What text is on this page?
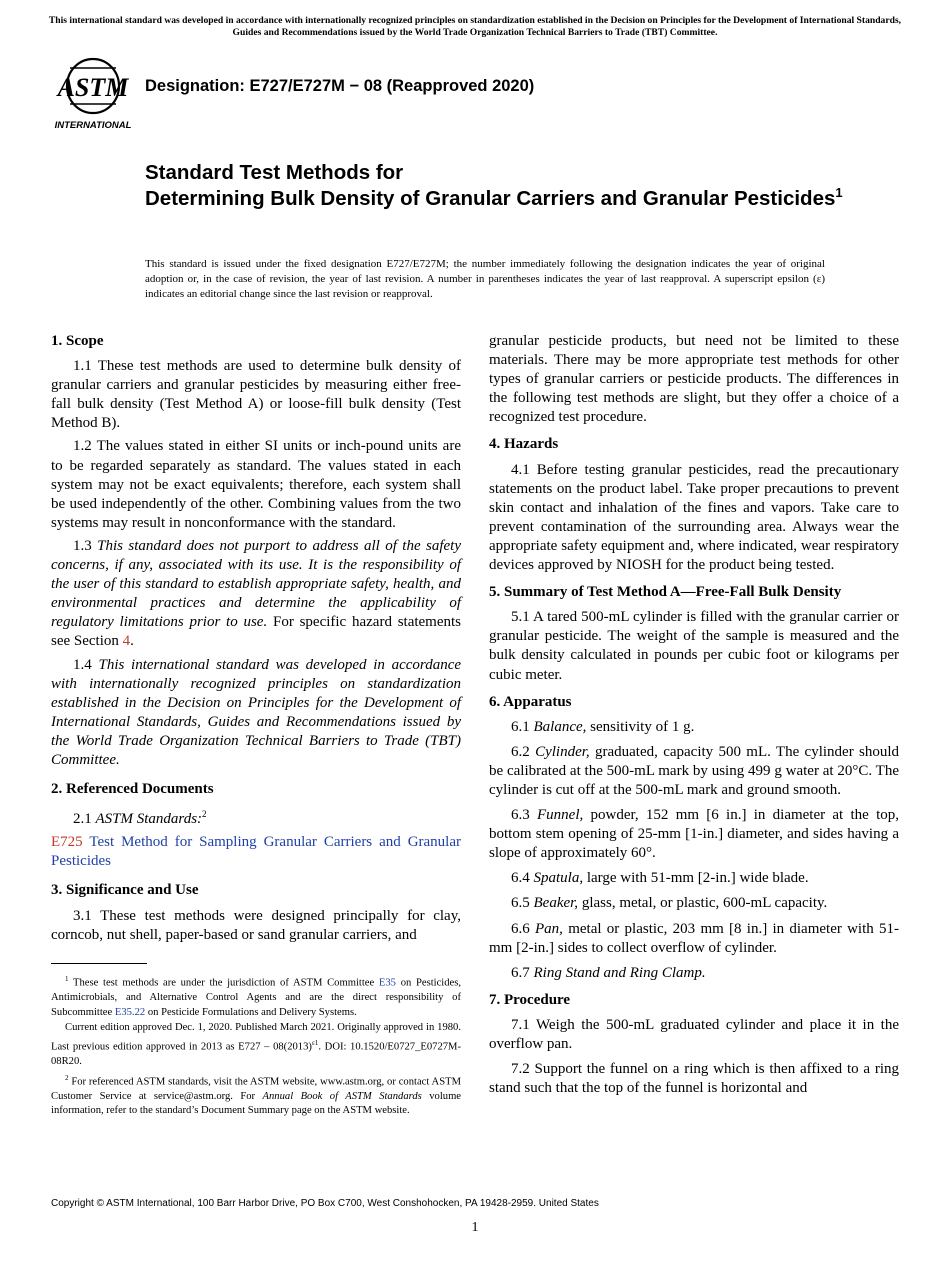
This international standard was developed in accordance with internationally recognized principles on standardization established in the Decision on Principles for the Development of International Standards, Guides and Recommendations issued by the World Trade Organization Technical Barriers to Trade (TBT) Committee.
ASTM
INTERNATIONAL
Designation: E727/E727M − 08 (Reapproved 2020)
Standard Test Methods for
Determining Bulk Density of Granular Carriers and Granular Pesticides$^1$
This standard is issued under the fixed designation E727/E727M; the number immediately following the designation indicates the year of original adoption or, in the case of revision, the year of last revision. A number in parentheses indicates the year of last reapproval. A superscript epsilon (ε) indicates an editorial change since the last revision or reapproval.
1. Scope

1.1 These test methods are used to determine bulk density of granular carriers and granular pesticides by measuring either free-fall bulk density (Test Method A) or loose-fill bulk density (Test Method B).

1.2 The values stated in either SI units or inch-pound units are to be regarded separately as standard. The values stated in each system may not be exact equivalents; therefore, each system shall be used independently of the other. Combining values from the two systems may result in nonconformance with the standard.

1.3 This standard does not purport to address all of the safety concerns, if any, associated with its use. It is the responsibility of the user of this standard to establish appropriate safety, health, and environmental practices and determine the applicability of regulatory limitations prior to use. For specific hazard statements see Section 4.

1.4 This international standard was developed in accordance with internationally recognized principles on standardization established in the Decision on Principles for the Development of International Standards, Guides and Recommendations issued by the World Trade Organization Technical Barriers to Trade (TBT) Committee.

2. Referenced Documents

2.1 ASTM Standards:$^2$

E725 Test Method for Sampling Granular Carriers and Granular Pesticides

3. Significance and Use

3.1 These test methods were designed principally for clay, corncob, nut shell, paper-based or sand granular carriers, and

$^1$ These test methods are under the jurisdiction of ASTM Committee E35 on Pesticides, Antimicrobials, and Alternative Control Agents and are the direct responsibility of Subcommittee E35.22 on Pesticide Formulations and Delivery Systems.

Current edition approved Dec. 1, 2020. Published March 2021. Originally approved in 1980. Last previous edition approved in 2013 as $E727 - 08(2013)^{\varepsilon 1}$. DOI: 10.1520/E0727_E0727M-08R20.

$^2$ For referenced ASTM standards, visit the ASTM website, www.astm.org, or contact ASTM Customer Service at service@astm.org. For Annual Book of ASTM Standards volume information, refer to the standard’s Document Summary page on the ASTM website.

granular pesticide products, but need not be limited to these materials. There may be more appropriate test methods for other types of granular carriers or pesticide products. The differences in the following test methods are slight, but they offer a choice of a recognized test procedure.

4. Hazards

4.1 Before testing granular pesticides, read the precautionary statements on the product label. Take proper precautions to prevent skin contact and inhalation of the fines and vapors. Take care to prevent contamination of the surrounding area. Always wear the appropriate safety equipment and, where indicated, wear respiratory devices approved by NIOSH for the product being tested.

5. Summary of Test Method A—Free-Fall Bulk Density

5.1 A tared 500-mL cylinder is filled with the granular carrier or granular pesticide. The weight of the sample is measured and the bulk density calculated in pounds per cubic foot or kilograms per cubic meter.

6. Apparatus

6.1 Balance, sensitivity of 1 g.

6.2 Cylinder, graduated, capacity 500 mL. The cylinder should be calibrated at the 500-mL mark by using 499 g water at 20°C. The cylinder is cut off at the 500-mL mark and ground smooth.

6.3 Funnel, powder, 152 mm [6 in.] in diameter at the top, bottom stem opening of 25-mm [1-in.] diameter, and sides having a slope of approximately 60°.

6.4 Spatula, large with 51-mm [2-in.] wide blade.

6.5 Beaker, glass, metal, or plastic, 600-mL capacity.

6.6 Pan, metal or plastic, 203 mm [8 in.] in diameter with 51-mm [2-in.] sides to collect overflow of cylinder.

6.7 Ring Stand and Ring Clamp.

7. Procedure

7.1 Weigh the 500-mL graduated cylinder and place it in the overflow pan.

7.2 Support the funnel on a ring which is then affixed to a ring stand such that the top of the funnel is horizontal and

Copyright © ASTM International, 100 Barr Harbor Drive, PO Box C700, West Conshohocken, PA 19428-2959. United States
1
